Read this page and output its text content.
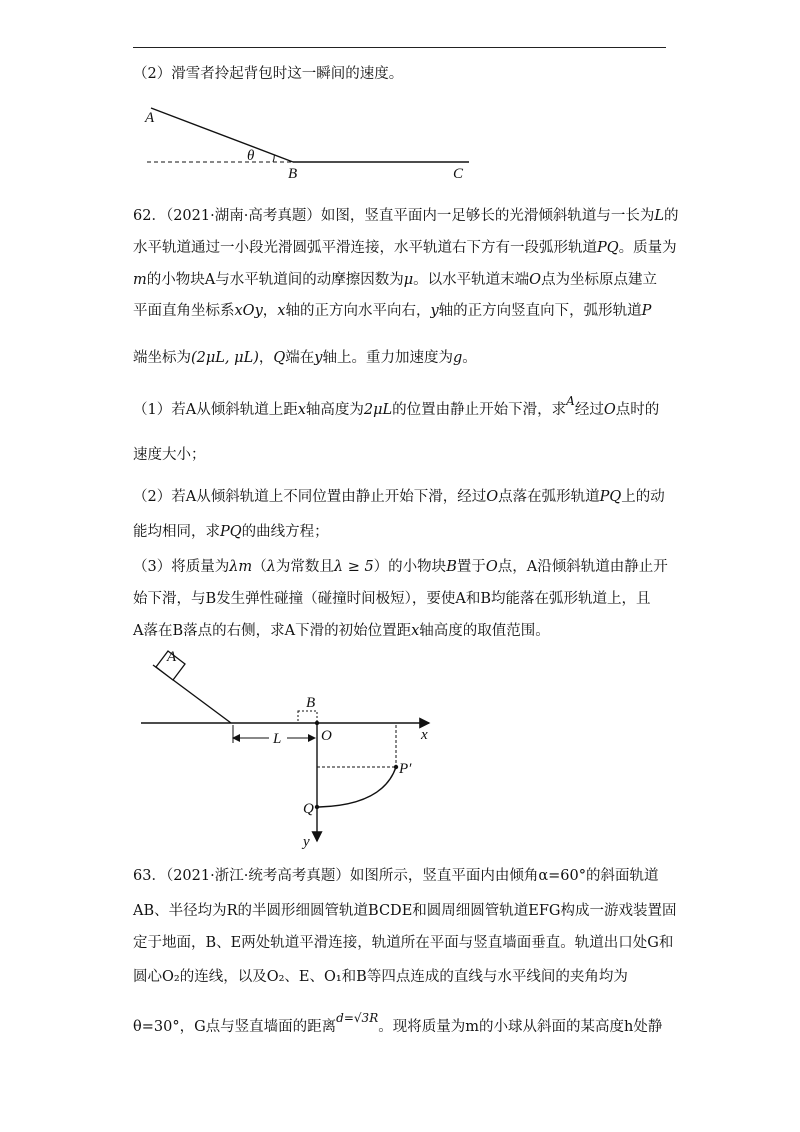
（2）滑雪者拎起背包时这一瞬间的速度。
A
θ
B	C
62．（2021·湖南·高考真题）如图，竖直平面内一足够长的光滑倾斜轨道与一长为L的
水平轨道通过一小段光滑圆弧平滑连接，水平轨道右下方有一段弧形轨道PQ。质量为
m的小物块A与水平轨道间的动摩擦因数为μ。以水平轨道末端O点为坐标原点建立
平面直角坐标系xOy，x轴的正方向水平向右，y轴的正方向竖直向下，弧形轨道P
端坐标为(2μL, μL)，Q端在y轴上。重力加速度为g。
（1）若A从倾斜轨道上距x轴高度为2μL的位置由静止开始下滑，求$^A$经过O点时的
速度大小；
（2）若A从倾斜轨道上不同位置由静止开始下滑，经过O点落在弧形轨道PQ上的动
能均相同，求PQ的曲线方程；
（3）将质量为λm（λ为常数且λ ≥ 5）的小物块B置于O点，A沿倾斜轨道由静止开
始下滑，与B发生弹性碰撞（碰撞时间极短），要使A和B均能落在弧形轨道上，且
A落在B落点的右侧，求A下滑的初始位置距x轴高度的取值范围。
A
x
B
O
L
y
P′
Q
63．（2021·浙江·统考高考真题）如图所示，竖直平面内由倾角α=60°的斜面轨道
AB、半径均为R的半圆形细圆管轨道BCDE和圆周细圆管轨道EFG构成一游戏装置固
定于地面，B、E两处轨道平滑连接，轨道所在平面与竖直墙面垂直。轨道出口处G和
圆心O₂的连线，以及O₂、E、O₁和B等四点连成的直线与水平线间的夹角均为
θ=30°，G点与竖直墙面的距离$^{d=√3R}$。现将质量为m的小球从斜面的某高度h处静
